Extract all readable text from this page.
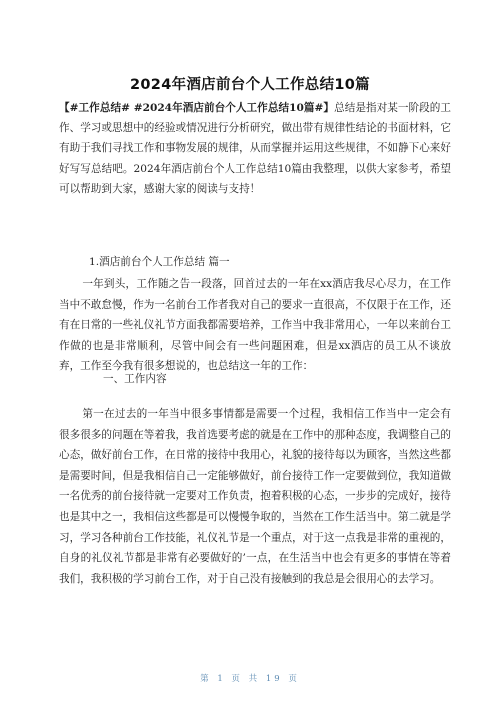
2024年酒店前台个人工作总结10篇
【#工作总结# #2024年酒店前台个人工作总结10篇#】总结是指对某一阶段的工作、学习或思想中的经验或情况进行分析研究，做出带有规律性结论的书面材料，它有助于我们寻找工作和事物发展的规律，从而掌握并运用这些规律，不如静下心来好好写写总结吧。2024年酒店前台个人工作总结10篇由我整理，以供大家参考，希望可以帮助到大家，感谢大家的阅读与支持！
1.酒店前台个人工作总结 篇一
一年到头，工作随之告一段落，回首过去的一年在xx酒店我尽心尽力，在工作当中不敢怠慢，作为一名前台工作者我对自己的要求一直很高，不仅限于在工作，还有在日常的一些礼仪礼节方面我都需要培养，工作当中我非常用心，一年以来前台工作做的也是非常顺利，尽管中间会有一些问题困难，但是xx酒店的员工从不谈放弃，工作至今我有很多想说的，也总结这一年的工作：
一、工作内容
第一在过去的一年当中很多事情都是需要一个过程，我相信工作当中一定会有很多很多的问题在等着我，我首选要考虑的就是在工作中的那种态度，我调整自己的心态，做好前台工作，在日常的接待中我用心，礼貌的接待每以为顾客，当然这些都是需要时间，但是我相信自己一定能够做好，前台接待工作一定要做到位，我知道做一名优秀的前台接待就一定要对工作负责，抱着积极的心态，一步步的完成好，接待也是其中之一，我相信这些都是可以慢慢争取的，当然在工作生活当中。第二就是学习，学习各种前台工作技能，礼仪礼节是一个重点，对于这一点我是非常的重视的，自身的礼仪礼节都是非常有必要做好的’一点，在生活当中也会有更多的事情在等着我们，我积极的学习前台工作，对于自己没有接触到的我总是会很用心的去学习。
第 1 页 共 19 页
